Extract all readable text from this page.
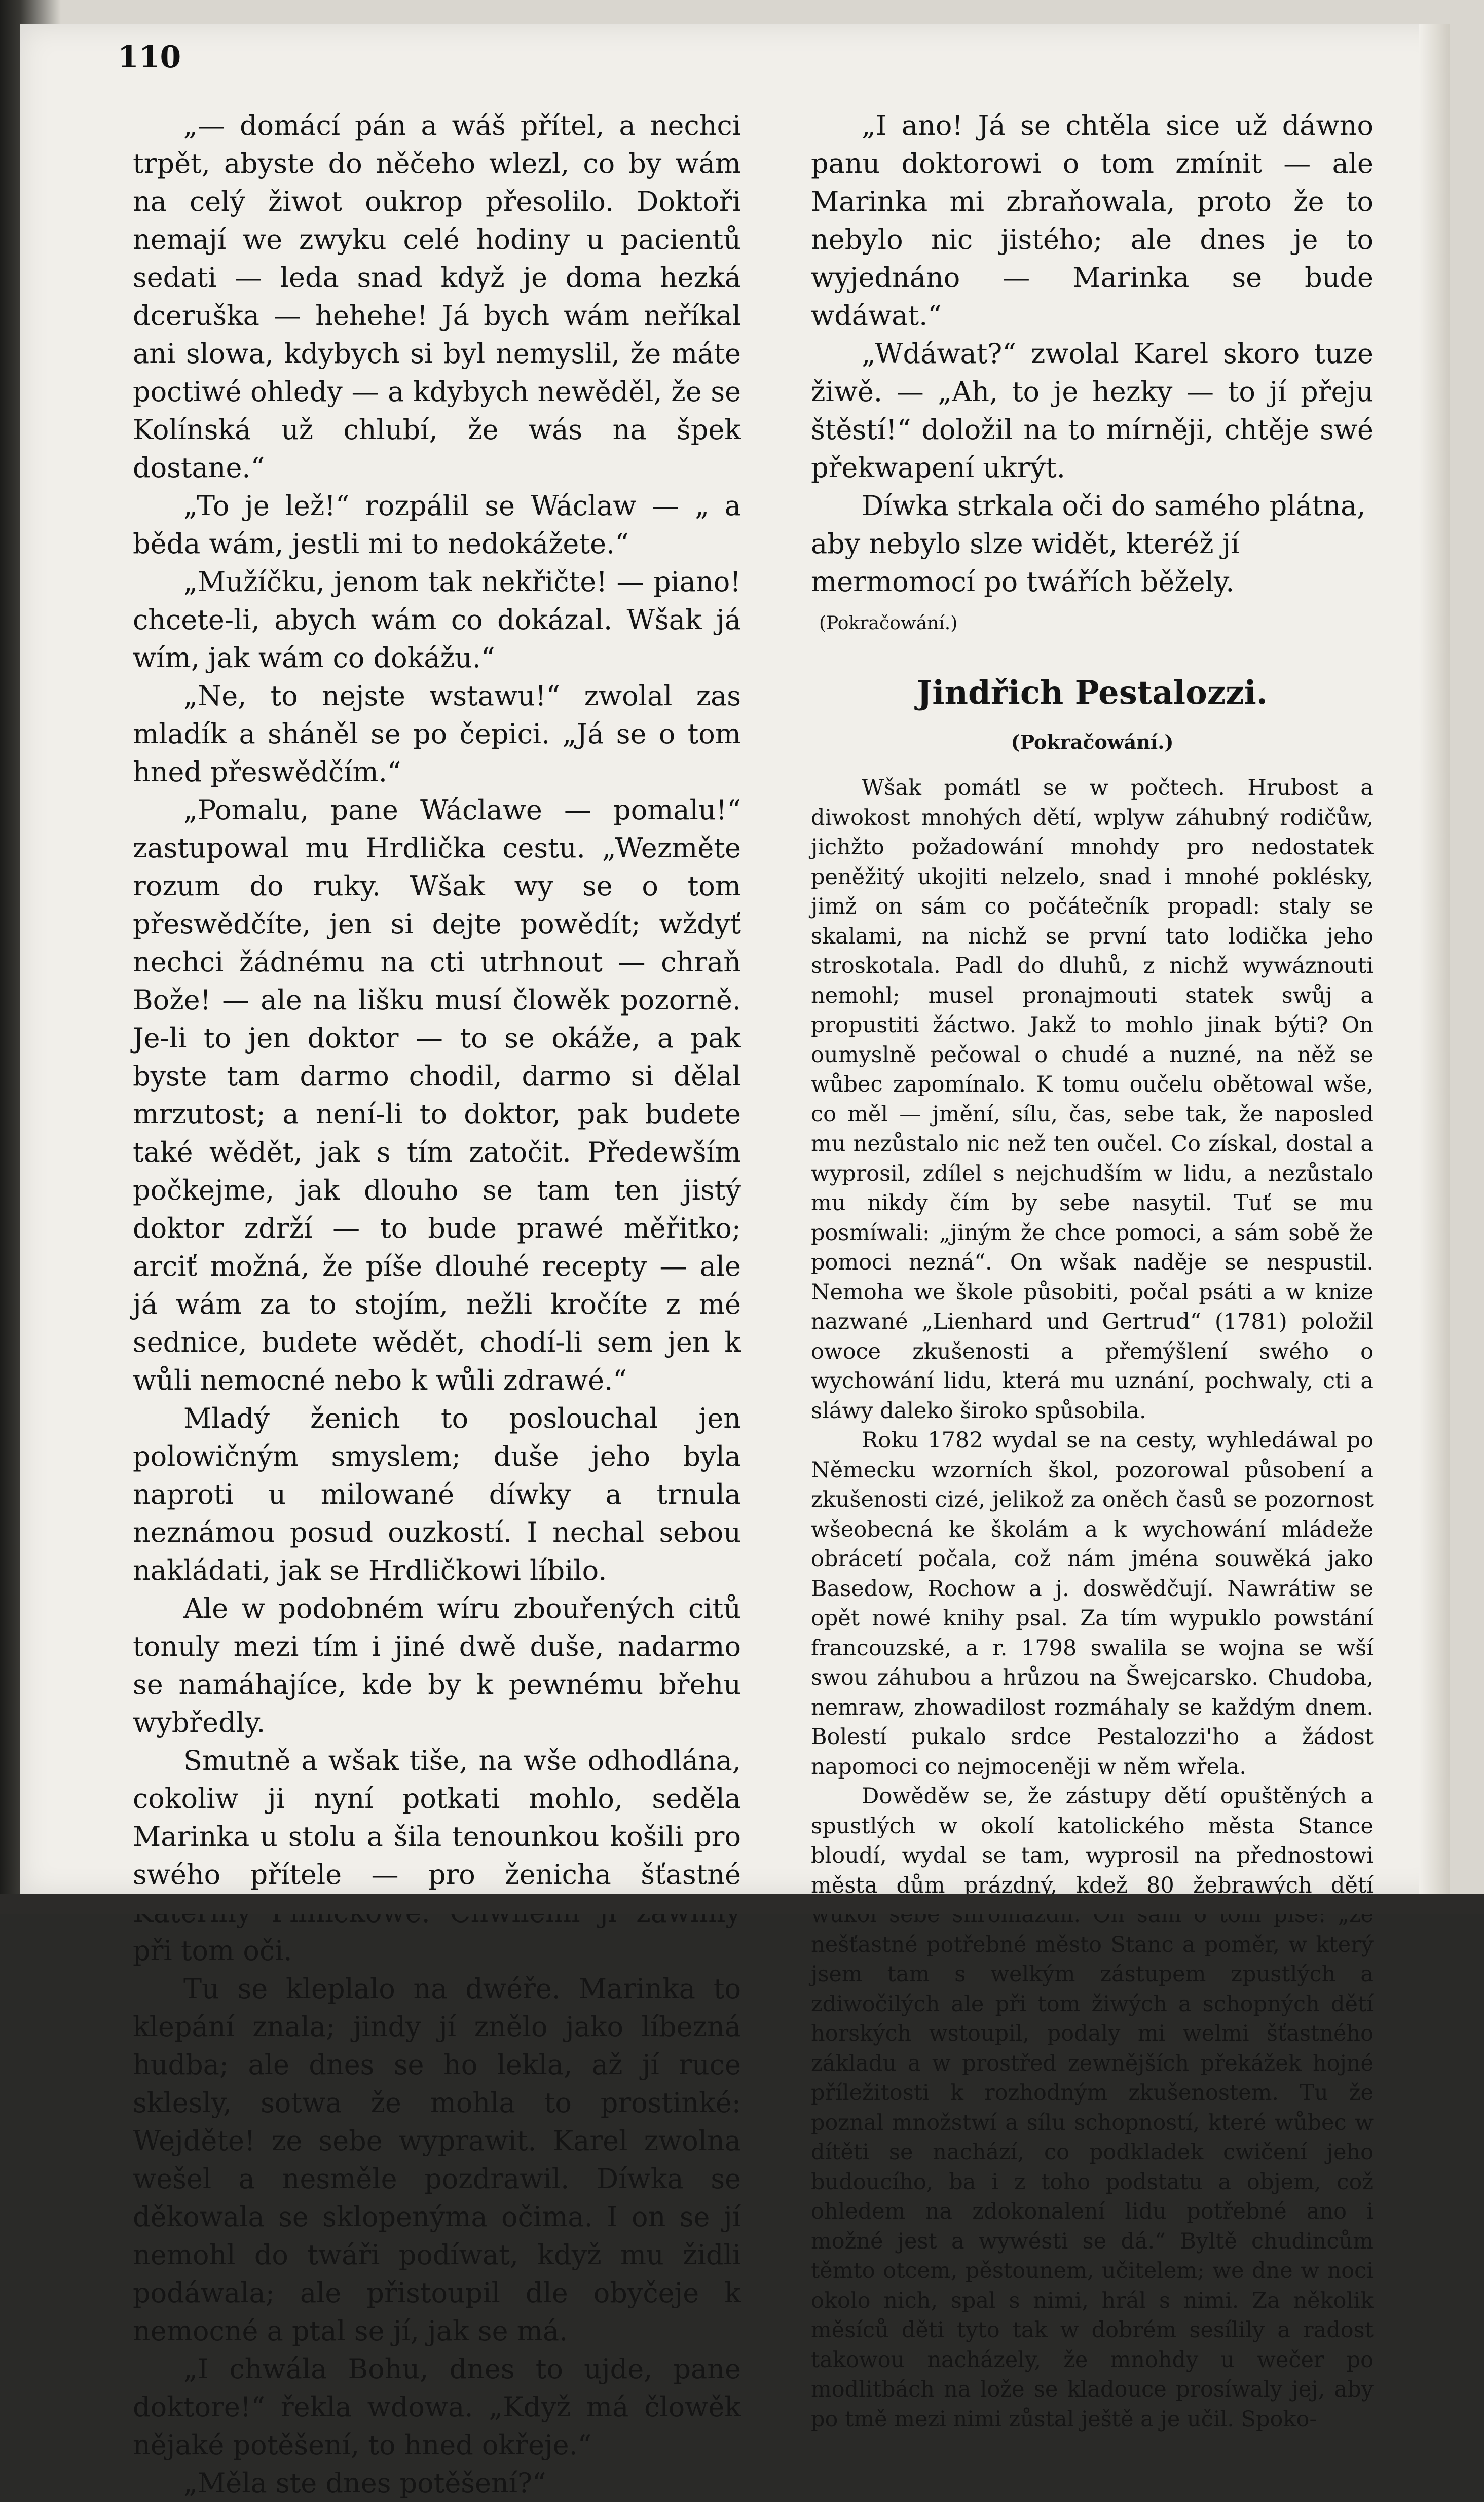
110

„— domácí pán a wáš přítel, a nechci trpět, abyste do něčeho wlezl, co by wám na celý žiwot oukrop přesolilo. Doktoři nemají we zwyku celé hodiny u pacientů sedati — leda snad když je doma hezká dceruška — hehehe! Já bych wám neříkal ani slowa, kdybych si byl nemyslil, že máte poctiwé ohledy — a kdybych newěděl, že se Kolínská už chlubí, že wás na špek dostane.“

„To je lež!“ rozpálil se Wáclaw — „ a běda wám, jestli mi to nedokážete.“

„Mužíčku, jenom tak nekřičte! — piano! chcete-li, abych wám co dokázal. Wšak já wím, jak wám co dokážu.“

„Ne, to nejste wstawu!“ zwolal zas mladík a sháněl se po čepici. „Já se o tom hned přeswědčím.“

„Pomalu, pane Wáclawe — pomalu!“ zastupowal mu Hrdlička cestu. „Wezměte rozum do ruky. Wšak wy se o tom přeswědčíte, jen si dejte powědít; wždyť nechci žádnému na cti utrhnout — chraň Bože! — ale na lišku musí člowěk pozorně. Je-li to jen doktor — to se okáže, a pak byste tam darmo chodil, darmo si dělal mrzutost; a není-li to doktor, pak budete také wědět, jak s tím zatočit. Předewším počkejme, jak dlouho se tam ten jistý doktor zdrží — to bude prawé měřitko; arciť možná, že píše dlouhé recepty — ale já wám za to stojím, nežli kročíte z mé sednice, budete wědět, chodí-li sem jen k wůli nemocné nebo k wůli zdrawé.“

Mladý ženich to poslouchal jen polowičným smyslem; duše jeho byla naproti u milowané díwky a trnula neznámou posud ouzkostí. I nechal sebou nakládati, jak se Hrdličkowi líbilo.

Ale w podobném wíru zbouřených citů tonuly mezi tím i jiné dwě duše, nadarmo se namáhajíce, kde by k pewnému břehu wybředly.

Smutně a wšak tiše, na wše odhodlána, cokoliw ji nyní potkati mohlo, seděla Marinka u stolu a šila tenounkou košili pro swého přítele — pro ženicha šťastné Kateřiny Pilníčkowé. Chwílemi jí zawlhly při tom oči.

Tu se kleplalo na dwéře. Marinka to klepání znala; jindy jí znělo jako líbezná hudba; ale dnes se ho lekla, až jí ruce sklesly, sotwa že mohla to prostinké: Wejděte! ze sebe wyprawit. Karel zwolna wešel a nesměle pozdrawil. Díwka se děkowala se sklopenýma očima. I on se jí nemohl do twáři podíwat, když mu židli podáwala; ale přistoupil dle obyčeje k nemocné a ptal se jí, jak se má.

„I chwála Bohu, dnes to ujde, pane doktore!“ řekla wdowa. „Když má člowěk nějaké potěšení, to hned okřeje.“

„I ano! Já se chtěla sice už dáwno panu doktorowi o tom zmínit — ale Marinka mi zbraňowala, proto že to nebylo nic jistého; ale dnes je to wyjednáno — Marinka se bude wdáwat.“

„Wdáwat?“ zwolal Karel skoro tuze žiwě. — „Ah, to je hezky — to jí přeju štěstí!“ doložil na to mírněji, chtěje swé překwapení ukrýt.

Díwka strkala oči do samého plátna, aby nebylo slze widět, kteréž jí mermomocí po twářích běžely.(Pokračowání.)

Jindřich Pestalozzi.
(Pokračowání.)

Wšak pomátl se w počtech. Hrubost a diwokost mnohých dětí, wplyw záhubný rodičůw, jichžto požadowání mnohdy pro nedostatek peněžitý ukojiti nelzelo, snad i mnohé poklésky, jimž on sám co počátečník propadl: staly se skalami, na nichž se první tato lodička jeho stroskotala. Padl do dluhů, z nichž wywáznouti nemohl; musel pronajmouti statek swůj a propustiti žáctwo. Jakž to mohlo jinak býti? On oumyslně pečowal o chudé a nuzné, na něž se wůbec zapomínalo. K tomu oučelu obětowal wše, co měl — jmění, sílu, čas, sebe tak, že naposled mu nezůstalo nic než ten oučel. Co získal, dostal a wyprosil, zdílel s nejchudším w lidu, a nezůstalo mu nikdy čím by sebe nasytil. Tuť se mu posmíwali: „jiným že chce pomoci, a sám sobě že pomoci nezná“. On wšak naděje se nespustil. Nemoha we škole působiti, počal psáti a w knize nazwané „Lienhard und Gertrud“ (1781) položil owoce zkušenosti a přemýšlení swého o wychowání lidu, která mu uznání, pochwaly, cti a sláwy daleko široko spůsobila.

Roku 1782 wydal se na cesty, wyhledáwal po Německu wzorních škol, pozorowal působení a zkušenosti cizé, jelikož za oněch časů se pozornost wšeobecná ke školám a k wychowání mládeže obrácetí počala, což nám jména souwěká jako Basedow, Rochow a j. doswědčují. Nawrátiw se opět nowé knihy psal. Za tím wypuklo powstání francouzské, a r. 1798 swalila se wojna se wší swou záhubou a hrůzou na Šwejcarsko. Chudoba, nemraw, zhowadilost rozmáhaly se každým dnem. Bolestí pukalo srdce Pestalozzi'ho a žádost napomoci co nejmoceněji w něm wřela.

Dowěděw se, že zástupy dětí opuštěných a spustlých w okolí katolického města Stance bloudí, wydal se tam, wyprosil na přednostowi města dům prázdný, kdež 80 žebrawých dětí wůkol sebe shromáždil. On sám o tom píše: „že nešťastné potřebné město Stanc a poměr, w který jsem tam s welkým zástupem zpustlých a zdiwočilých ale při tom žiwých a schopných dětí horských wstoupil, podaly mi welmi šťastného základu a w prostřed zewnějších překážek hojné příležitosti k rozhodným zkušenostem. Tu že poznal množstwí a sílu schopností, které wůbec w dítěti se nachází, co podkladek cwičení jeho budoucího, ba i z toho podstatu a objem, což ohledem na zdokonalení lidu potřebné ano i možné jest a wywésti se dá.“ Byltě chudincům těmto otcem, pěstounem, učitelem; we dne w noci okolo nich, spal s nimi, hrál s nimi. Za několik měsíců děti tyto tak w dobrém sesílily a radost takowou nacházely, že mnohdy u wečer po modlitbách na lože se kladouce prosíwaly jej, aby po tmě mezi nimi zůstal ještě a je učil. Spoko-
